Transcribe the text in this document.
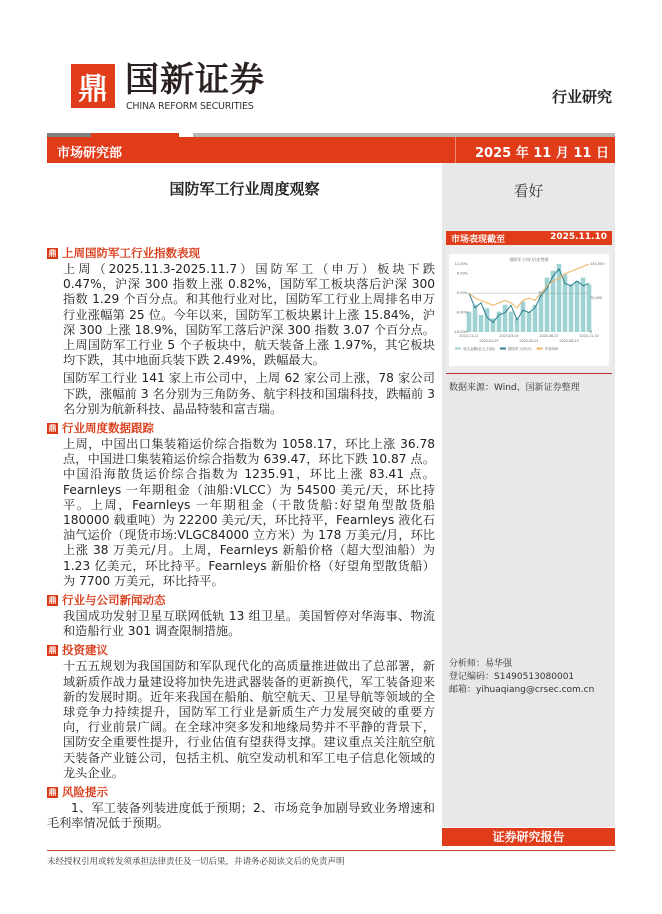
鼎 国新证券
CHINA REFORM SECURITIES
行业研究
市场研究部	2025 年 11 月 11 日
国防军工行业周度观察	看好
市场表现截至	2025.11.10
国防军工(申万)走势图
-16.00%
-8.00%
0.00%
8.00%
12.00%
0
70,000
140,000
2024-11-11
2025-01-07
2025-03-05
2025-05-01
2025-06-27
2025-08-23
2025-11-10
成交金额(亿元,右轴)	国防军工(申万)	沪深300
数据来源：Wind、国新证券整理
分析师：易华强
登记编码：S1490513080001
邮箱：yihuaqiang@crsec.com.cn
证券研究报告
鼎 上周国防军工行业指数表现
上周（2025.11.3-2025.11.7）国防军工（申万）板块下跌 0.47%，沪深 300 指数上涨 0.82%，国防军工板块落后沪深 300 指数 1.29 个百分点。和其他行业对比，国防军工行业上周排名申万行业涨幅第 25 位。今年以来，国防军工板块累计上涨 15.84%，沪深 300 上涨 18.9%，国防军工落后沪深 300 指数 3.07 个百分点。上周国防军工行业 5 个子板块中，航天装备上涨 1.97%，其它板块均下跌，其中地面兵装下跌 2.49%，跌幅最大。
国防军工行业 141 家上市公司中，上周 62 家公司上涨，78 家公司下跌，涨幅前 3 名分别为三角防务、航宇科技和国瑞科技，跌幅前 3 名分别为航新科技、晶品特装和富吉瑞。
鼎 行业周度数据跟踪
上周，中国出口集装箱运价综合指数为 1058.17，环比上涨 36.78 点，中国进口集装箱运价综合指数为 639.47，环比下跌 10.87 点。中国沿海散货运价综合指数为 1235.91，环比上涨 83.41 点。Fearnleys 一年期租金（油船:VLCC）为 54500 美元/天，环比持平。上周，Fearnleys 一年期租金（干散货船:好望角型散货船 180000 载重吨）为 22200 美元/天，环比持平，Fearnleys 液化石油气运价（现货市场:VLGC84000 立方米）为 178 万美元/月，环比上涨 38 万美元/月。上周，Fearnleys 新船价格（超大型油船）为 1.23 亿美元，环比持平。Fearnleys 新船价格（好望角型散货船）为 7700 万美元，环比持平。
鼎 行业与公司新闻动态
我国成功发射卫星互联网低轨 13 组卫星。美国暂停对华海事、物流和造船行业 301 调查限制措施。
鼎 投资建议
十五五规划为我国国防和军队现代化的高质量推进做出了总部署，新域新质作战力量建设将加快先进武器装备的更新换代，军工装备迎来新的发展时期。近年来我国在船舶、航空航天、卫星导航等领域的全球竞争力持续提升，国防军工行业是新质生产力发展突破的重要方向，行业前景广阔。在全球冲突多发和地缘局势并不平静的背景下，国防安全重要性提升，行业估值有望获得支撑。建议重点关注航空航天装备产业链公司，包括主机、航空发动机和军工电子信息化领域的龙头企业。
鼎 风险提示
1、军工装备列装进度低于预期；2、市场竞争加剧导致业务增速和毛利率情况低于预期。
未经授权引用或转发须承担法律责任及一切后果，并请务必阅读文后的免责声明
